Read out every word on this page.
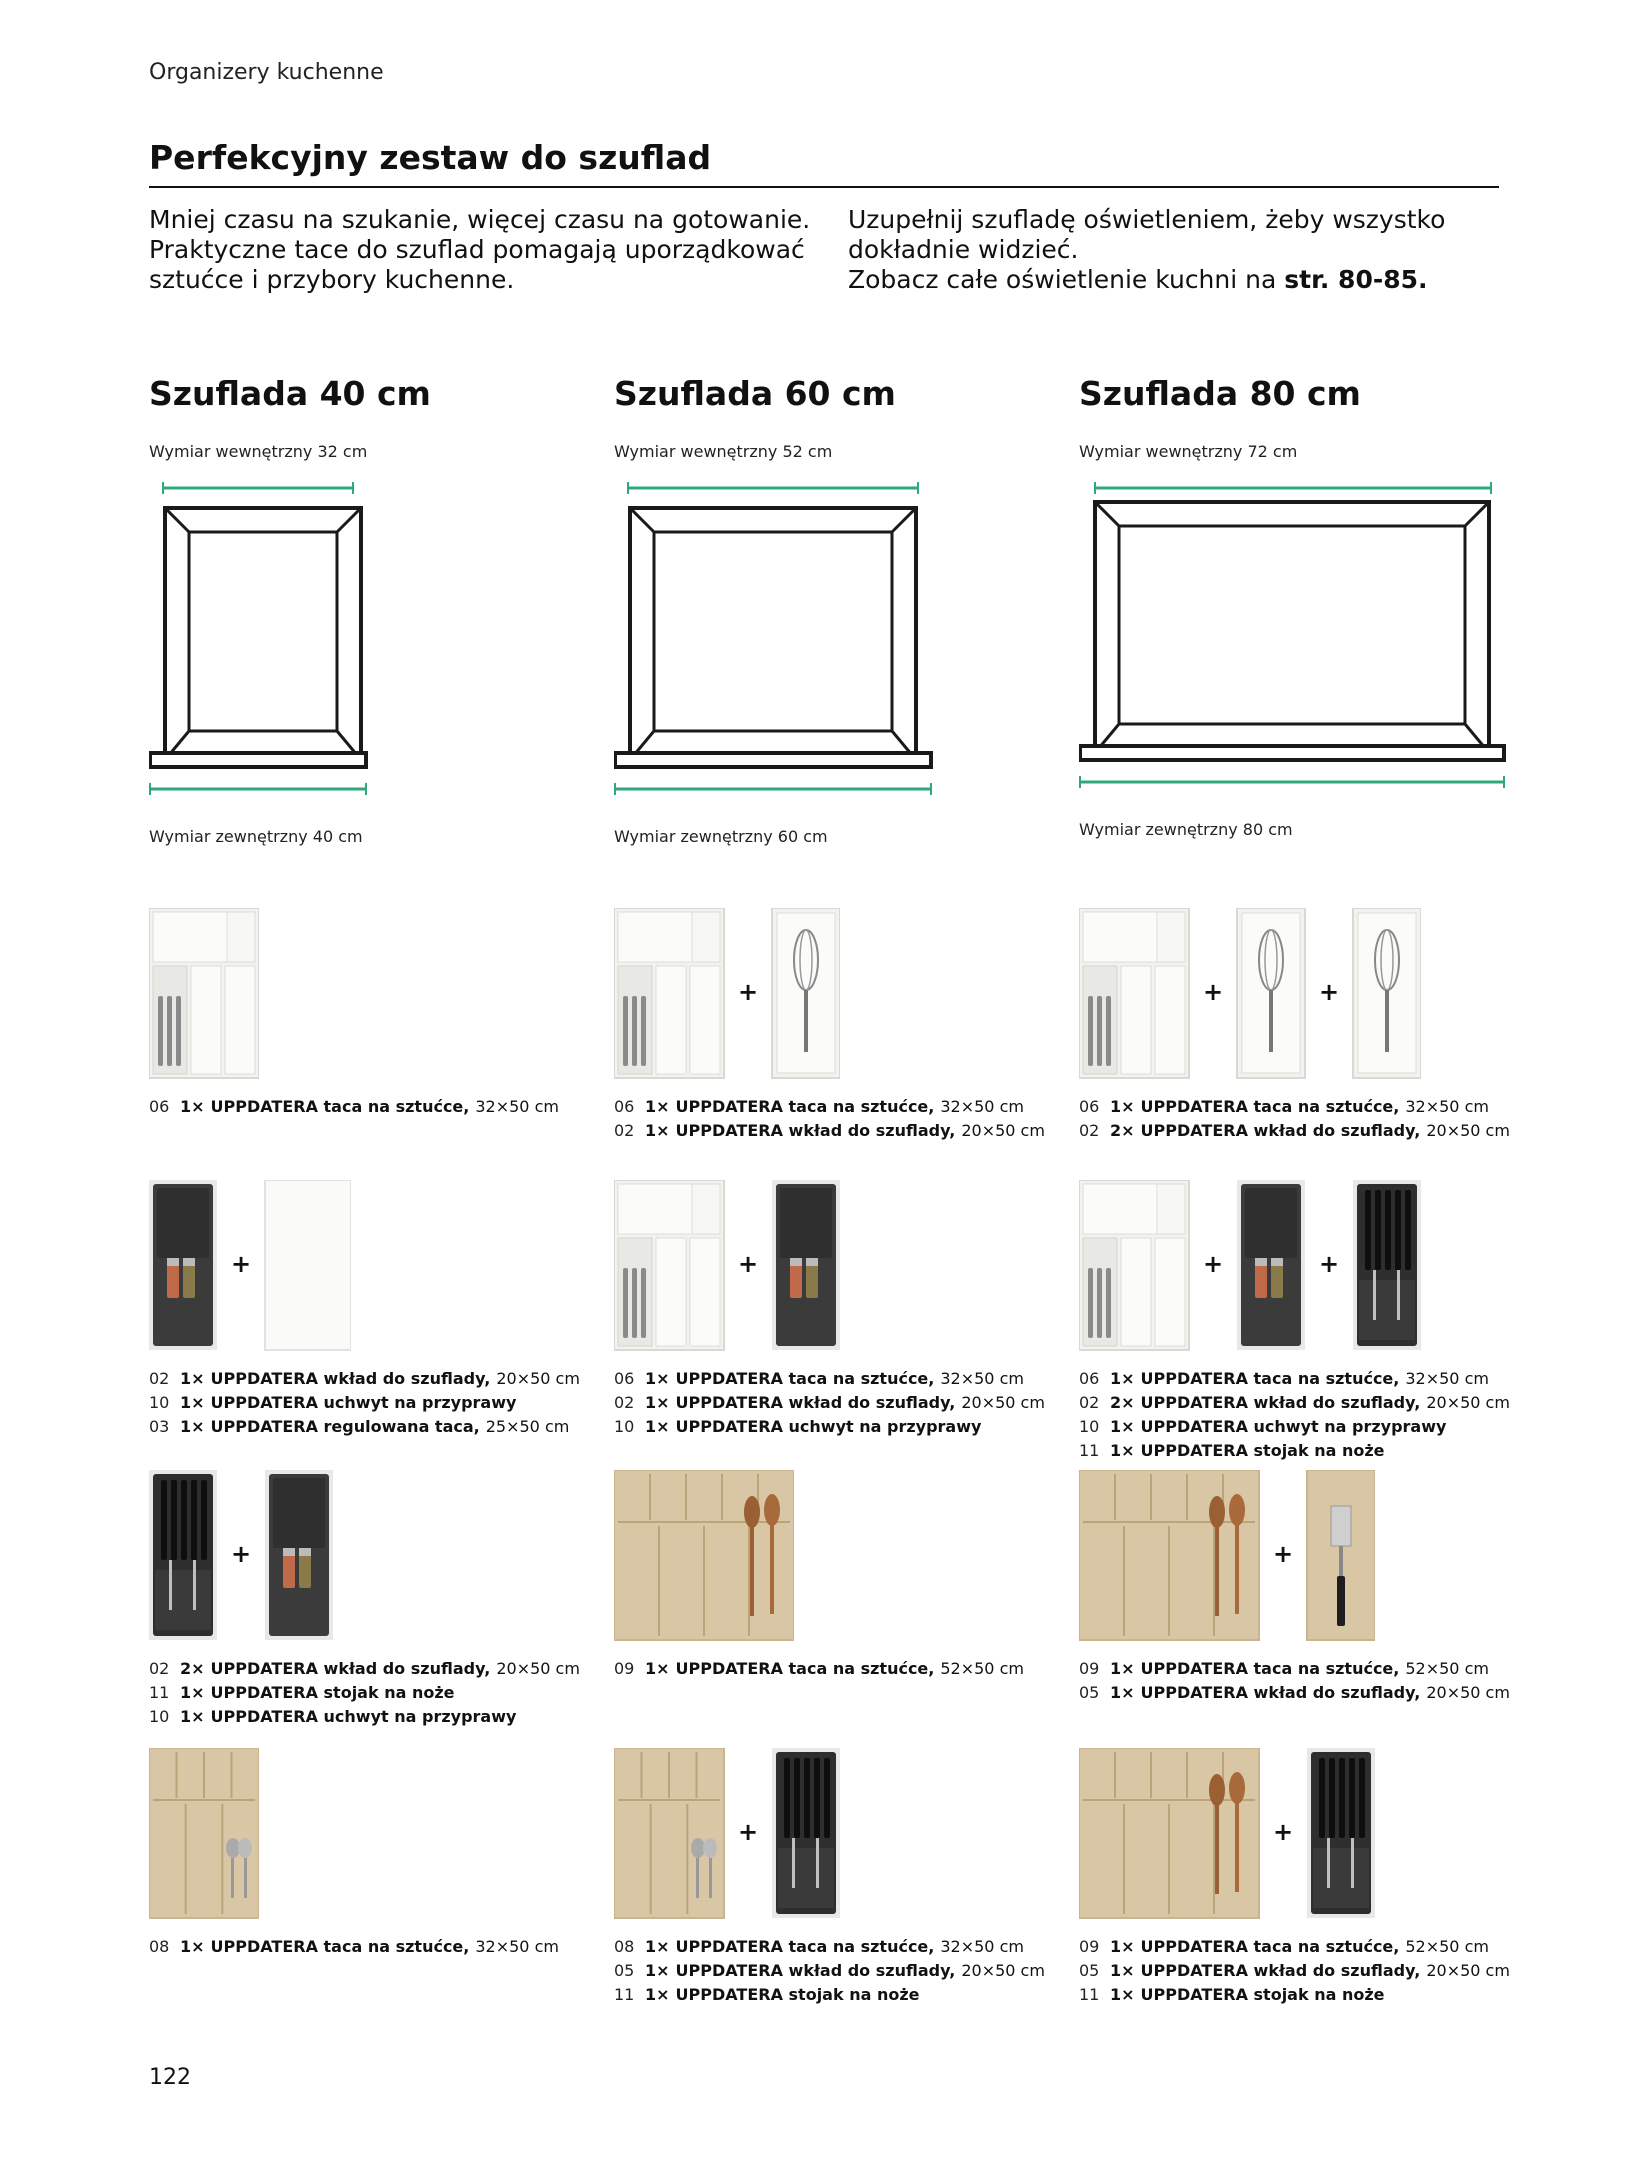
Organizery kuchenne
Perfekcyjny zestaw do szuflad

Mniej czasu na szukanie, więcej czasu na gotowanie.

Praktyczne tace do szuflad pomagają uporządkować

sztućce i przybory kuchenne.

Uzupełnij szufladę oświetleniem, żeby wszystko

dokładnie widzieć.

Zobacz całe oświetlenie kuchni na str. 80-85.

Szuflada 40 cm
Wymiar wewnętrzny 32 cm
Wymiar zewnętrzny 40 cm
06 1× UPPDATERA taca na sztućce, 32×50 cm
+
02 1× UPPDATERA wkład do szuflady, 20×50 cm
10 1× UPPDATERA uchwyt na przyprawy
03 1× UPPDATERA regulowana taca, 25×50 cm
+
02 2× UPPDATERA wkład do szuflady, 20×50 cm
11 1× UPPDATERA stojak na noże
10 1× UPPDATERA uchwyt na przyprawy
08 1× UPPDATERA taca na sztućce, 32×50 cm
Szuflada 60 cm
Wymiar wewnętrzny 52 cm
Wymiar zewnętrzny 60 cm
+
06 1× UPPDATERA taca na sztućce, 32×50 cm
02 1× UPPDATERA wkład do szuflady, 20×50 cm
+
06 1× UPPDATERA taca na sztućce, 32×50 cm
02 1× UPPDATERA wkład do szuflady, 20×50 cm
10 1× UPPDATERA uchwyt na przyprawy
09 1× UPPDATERA taca na sztućce, 52×50 cm
+
08 1× UPPDATERA taca na sztućce, 32×50 cm
05 1× UPPDATERA wkład do szuflady, 20×50 cm
11 1× UPPDATERA stojak na noże
Szuflada 80 cm
Wymiar wewnętrzny 72 cm
Wymiar zewnętrzny 80 cm
+	+
06 1× UPPDATERA taca na sztućce, 32×50 cm
02 2× UPPDATERA wkład do szuflady, 20×50 cm
+	+
06 1× UPPDATERA taca na sztućce, 32×50 cm
02 2× UPPDATERA wkład do szuflady, 20×50 cm
10 1× UPPDATERA uchwyt na przyprawy
11 1× UPPDATERA stojak na noże
+
09 1× UPPDATERA taca na sztućce, 52×50 cm
05 1× UPPDATERA wkład do szuflady, 20×50 cm
+
09 1× UPPDATERA taca na sztućce, 52×50 cm
05 1× UPPDATERA wkład do szuflady, 20×50 cm
11 1× UPPDATERA stojak na noże
122
